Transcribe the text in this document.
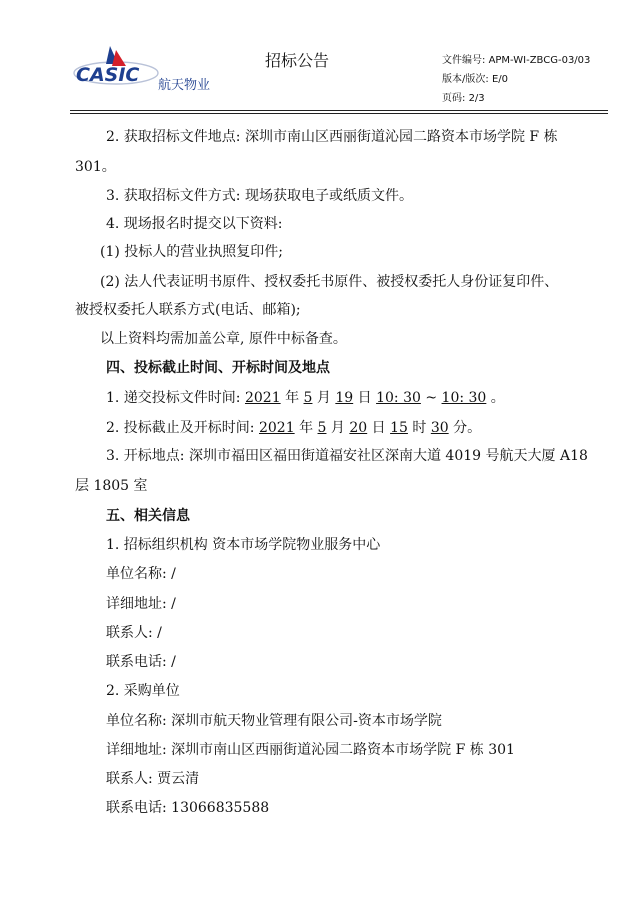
CASIC 航天物业
招标公告	文件编号: APM-WI-ZBCG-03/03
版本/版次: E/0
页码: 2/3
2. 获取招标文件地点: 深圳市南山区西丽街道沁园二路资本市场学院 F 栋
301。
3. 获取招标文件方式: 现场获取电子或纸质文件。
4. 现场报名时提交以下资料:
(1) 投标人的营业执照复印件;
(2) 法人代表证明书原件、授权委托书原件、被授权委托人身份证复印件、
被授权委托人联系方式(电话、邮箱);
以上资料均需加盖公章, 原件中标备查。
四、投标截止时间、开标时间及地点
1. 递交投标文件时间: 2021 年 5 月 19 日 10: 30 ~ 10: 30 。
2. 投标截止及开标时间: 2021 年 5 月 20 日 15 时 30 分。
3. 开标地点: 深圳市福田区福田街道福安社区深南大道 4019 号航天大厦 A18
层 1805 室
五、相关信息
1. 招标组织机构 资本市场学院物业服务中心
单位名称: /
详细地址: /
联系人: /
联系电话: /
2. 采购单位
单位名称: 深圳市航天物业管理有限公司-资本市场学院
详细地址: 深圳市南山区西丽街道沁园二路资本市场学院 F 栋 301
联系人: 贾云清
联系电话: 13066835588
